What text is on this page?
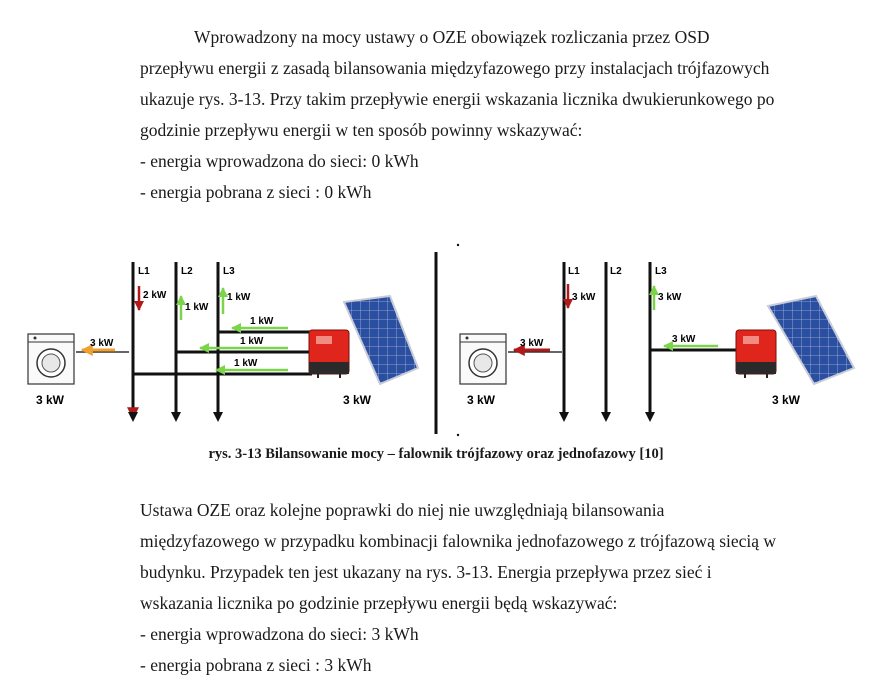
Wprowadzony na mocy ustawy o OZE obowiązek rozliczania przez OSD

przepływu energii z zasadą bilansowania międzyfazowego przy instalacjach trójfazowych

ukazuje rys. 3-13. Przy takim przepływie energii wskazania licznika dwukierunkowego po

godzinie przepływu energii w ten sposób powinny wskazywać:

- energia wprowadzona do sieci: 0 kWh

- energia pobrana z sieci : 0 kWh

3 kW
3 kW
L1	L2	L3
2 kW
1 kW
1 kW
1 kW
1 kW
1 kW
3 kW	3 kW
3 kW
L1	L2	L3
3 kW	3 kW
3 kW
3 kW
rys. 3-13 Bilansowanie mocy – falownik trójfazowy oraz jednofazowy [10]

Ustawa OZE oraz kolejne poprawki do niej nie uwzględniają bilansowania

międzyfazowego w przypadku kombinacji falownika jednofazowego z trójfazową siecią w

budynku. Przypadek ten jest ukazany na rys. 3-13. Energia przepływa przez sieć i

wskazania licznika po godzinie przepływu energii będą wskazywać:

- energia wprowadzona do sieci: 3 kWh

- energia pobrana z sieci : 3 kWh
